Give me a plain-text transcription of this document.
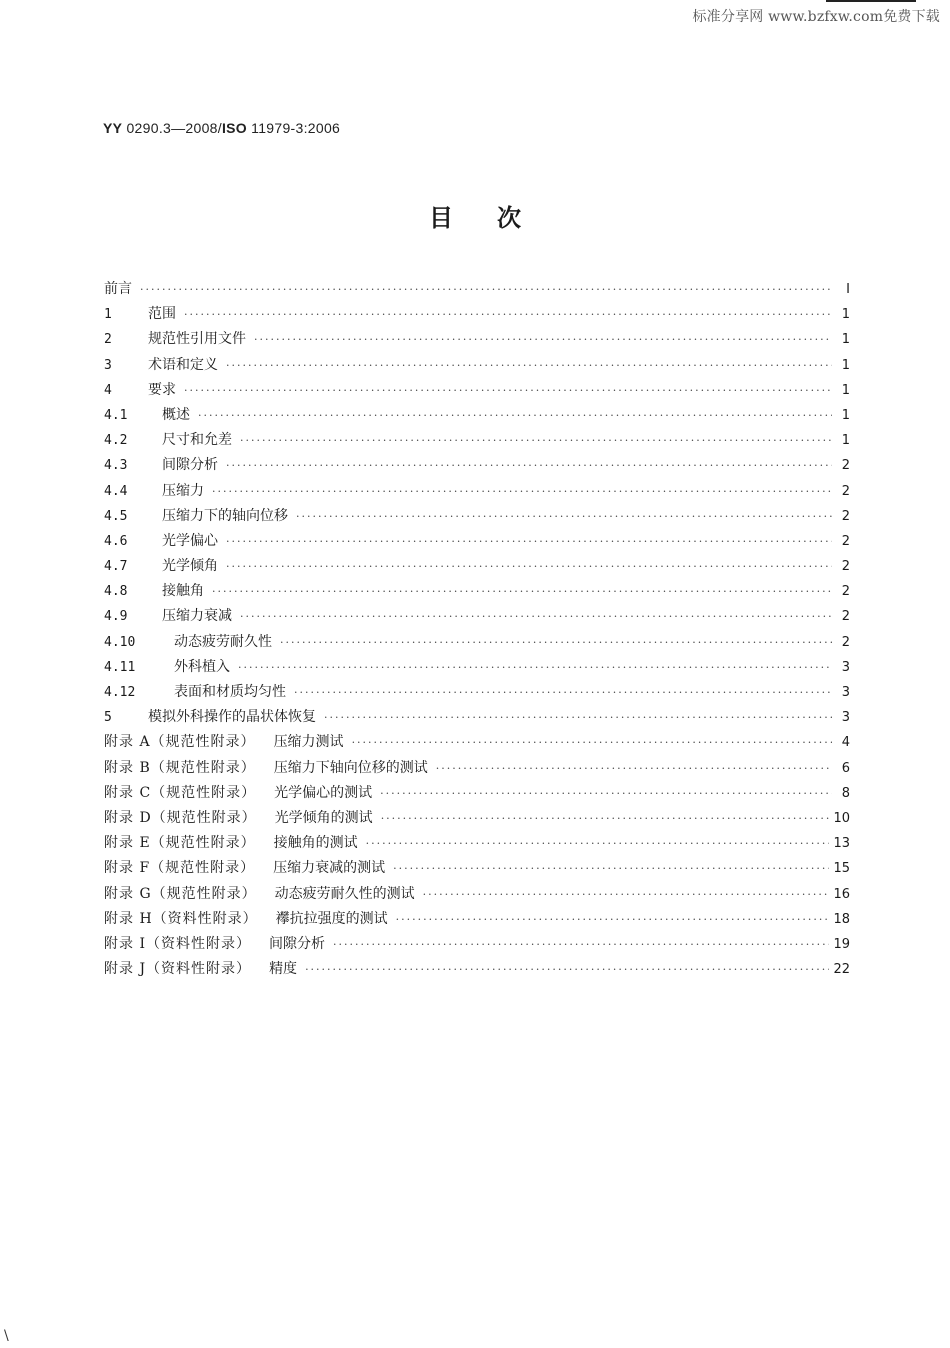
标准分享网 www.bzfxw.com免费下载
YY 0290.3—2008/ISO 11979-3:2006
目次
前言 ·····	I
1	范围 ·····	1
2	规范性引用文件 ·····	1
3	术语和定义 ·····	1
4	要求 ·····	1
4.1 概述 ·····	1
4.2 尺寸和允差 ·····	1
4.3 间隙分析 ·····	2
4.4 压缩力 ·····	2
4.5 压缩力下的轴向位移 ·····	2
4.6 光学偏心 ·····	2
4.7 光学倾角 ·····	2
4.8 接触角 ·····	2
4.9 压缩力衰减 ·····	2
4.10	动态疲劳耐久性 ·····	2
4.11	外科植入 ·····	3
4.12	表面和材质均匀性 ·····	3
5	模拟外科操作的晶状体恢复 ·····	3
附录 A（规范性附录） 压缩力测试 ·····	4
附录 B（规范性附录） 压缩力下轴向位移的测试 ·····	6
附录 C（规范性附录） 光学偏心的测试 ·····	8
附录 D（规范性附录） 光学倾角的测试 ·····	10
附录 E（规范性附录） 接触角的测试 ·····	13
附录 F（规范性附录） 压缩力衰减的测试 ·····	15
附录 G（规范性附录） 动态疲劳耐久性的测试 ·····	16
附录 H（资料性附录） 襻抗拉强度的测试 ·····	18
附录 I（资料性附录） 间隙分析 ·····	19
附录 J（资料性附录） 精度 ·····	22
\
